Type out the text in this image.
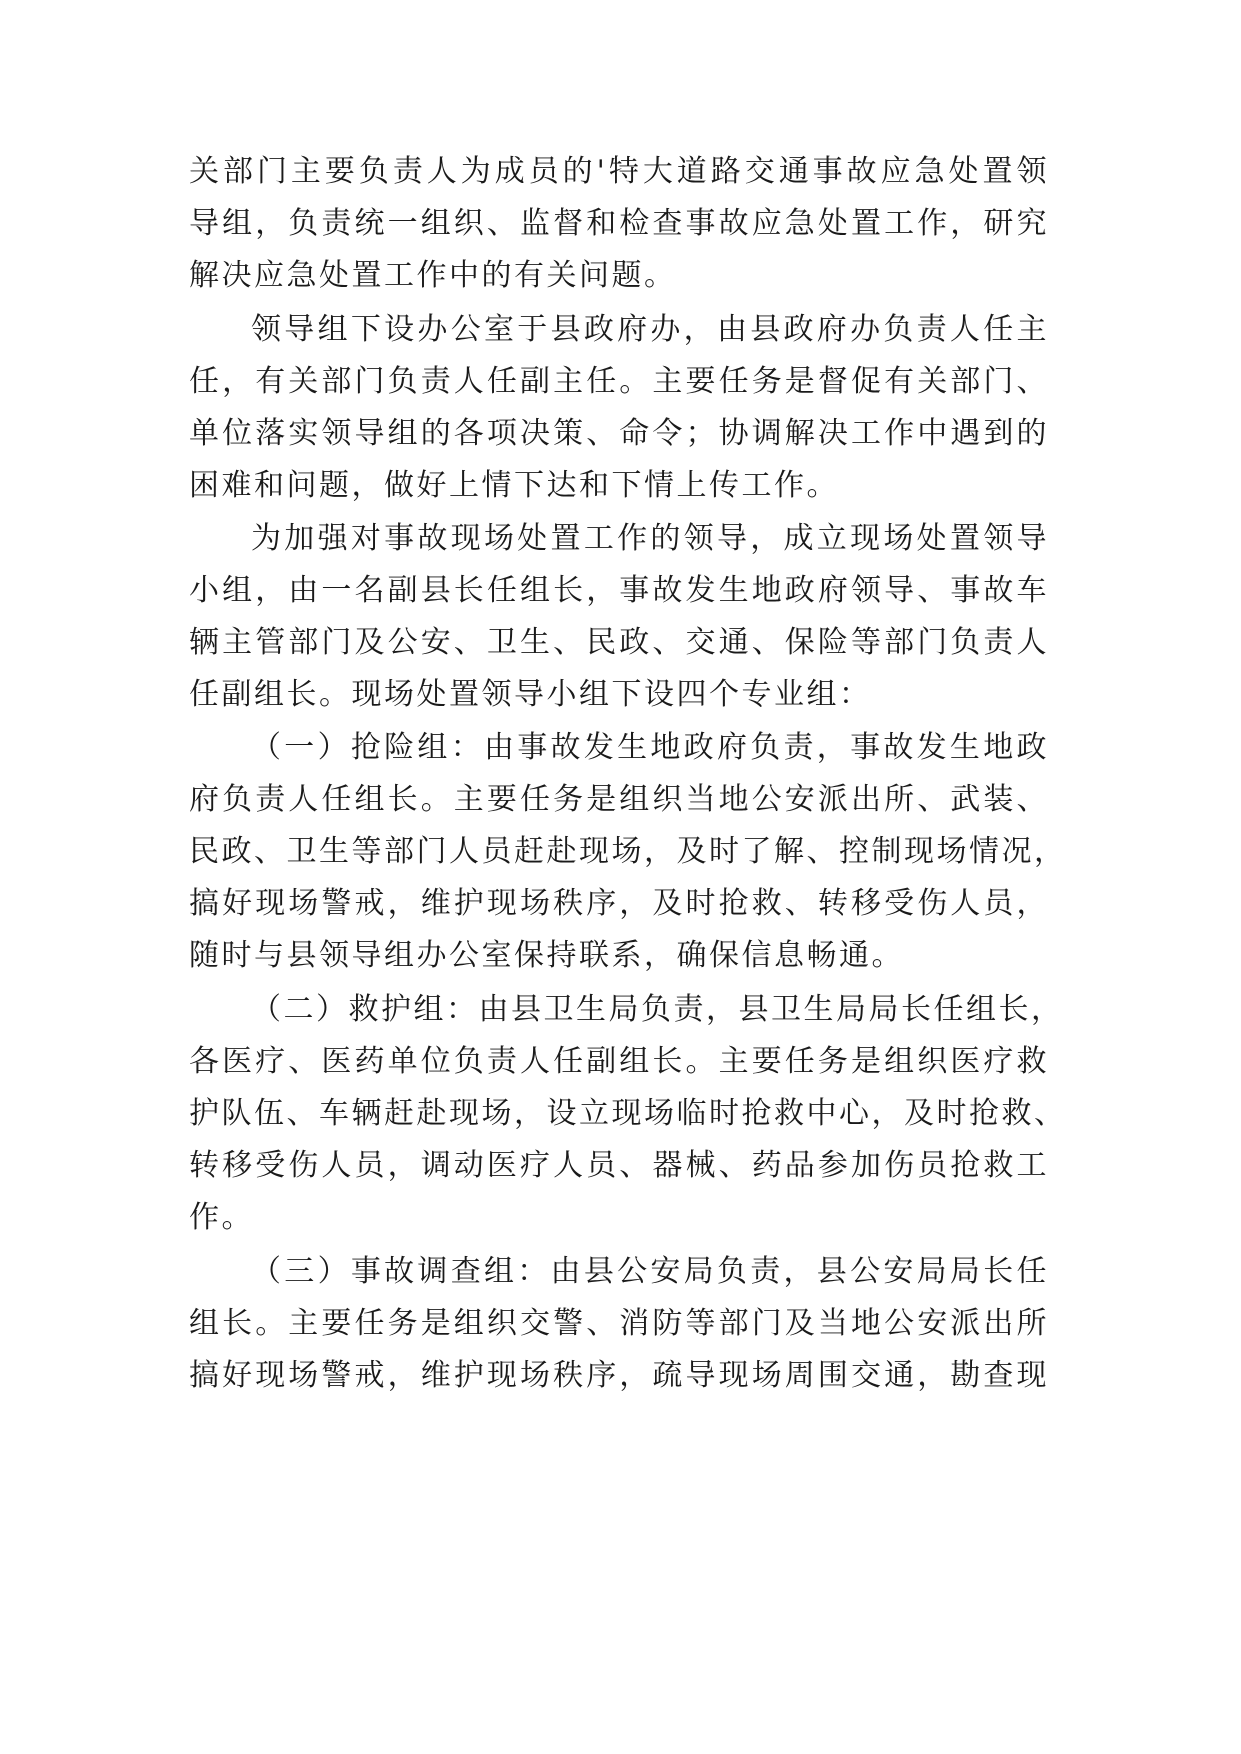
关部门主要负责人为成员的'特大道路交通事故应急处置领
导组，负责统一组织、监督和检查事故应急处置工作，研究
解决应急处置工作中的有关问题。
领导组下设办公室于县政府办，由县政府办负责人任主
任，有关部门负责人任副主任。主要任务是督促有关部门、
单位落实领导组的各项决策、命令；协调解决工作中遇到的
困难和问题，做好上情下达和下情上传工作。
为加强对事故现场处置工作的领导，成立现场处置领导
小组，由一名副县长任组长，事故发生地政府领导、事故车
辆主管部门及公安、卫生、民政、交通、保险等部门负责人
任副组长。现场处置领导小组下设四个专业组：
（一）抢险组：由事故发生地政府负责，事故发生地政
府负责人任组长。主要任务是组织当地公安派出所、武装、
民政、卫生等部门人员赶赴现场，及时了解、控制现场情况，
搞好现场警戒，维护现场秩序，及时抢救、转移受伤人员，
随时与县领导组办公室保持联系，确保信息畅通。
（二）救护组：由县卫生局负责，县卫生局局长任组长，
各医疗、医药单位负责人任副组长。主要任务是组织医疗救
护队伍、车辆赶赴现场，设立现场临时抢救中心，及时抢救、
转移受伤人员，调动医疗人员、器械、药品参加伤员抢救工
作。
（三）事故调查组：由县公安局负责，县公安局局长任
组长。主要任务是组织交警、消防等部门及当地公安派出所
搞好现场警戒，维护现场秩序，疏导现场周围交通，勘查现
